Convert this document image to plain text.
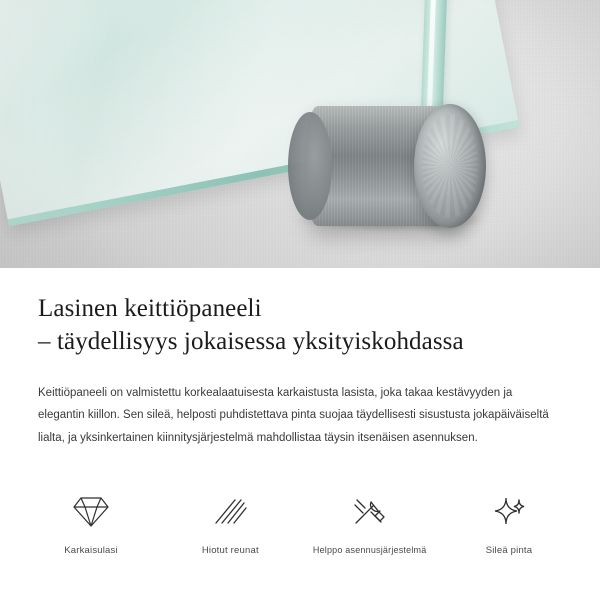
Lasinen keittiöpaneeli
– täydellisyys jokaisessa yksityiskohdassa

Keittiöpaneeli on valmistettu korkealaatuisesta karkaistusta lasista, joka takaa kestävyyden ja elegantin kiillon. Sen sileä, helposti puhdistettava pinta suojaa täydellisesti sisustusta jokapäiväiseltä lialta, ja yksinkertainen kiinnitysjärjestelmä mahdollistaa täysin itsenäisen asennuksen.

Karkaisulasi	Hiotut reunat	Helppo asennusjärjestelmä	Sileä pinta
